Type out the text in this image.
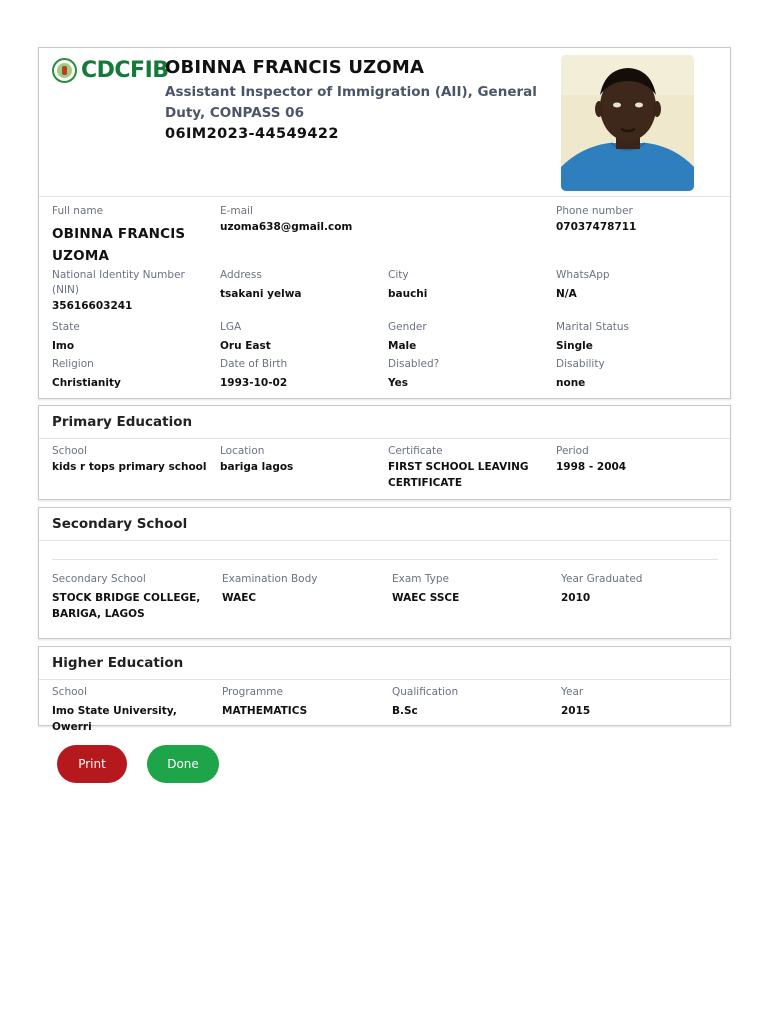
CDCFIB
OBINNA FRANCIS UZOMA
Assistant Inspector of Immigration (AII), General Duty, CONPASS 06
06IM2023-44549422
Full name
OBINNA FRANCIS UZOMA
E-mail
uzoma638@gmail.com
Phone number
07037478711
National Identity Number (NIN)
35616603241
Address
tsakani yelwa
City
bauchi
WhatsApp
N/A
State
Imo
LGA
Oru East
Gender
Male
Marital Status
Single
Religion
Christianity
Date of Birth
1993-10-02
Disabled?
Yes
Disability
none
Primary Education
School
kids r tops primary school
Location
bariga lagos
Certificate
FIRST SCHOOL LEAVING CERTIFICATE
Period
1998 - 2004
Secondary School
Secondary School
STOCK BRIDGE COLLEGE, BARIGA, LAGOS
Examination Body
WAEC
Exam Type
WAEC SSCE
Year Graduated
2010
Higher Education
School
Imo State University, Owerri
Programme
MATHEMATICS
Qualification
B.Sc
Year
2015
Print	Done
